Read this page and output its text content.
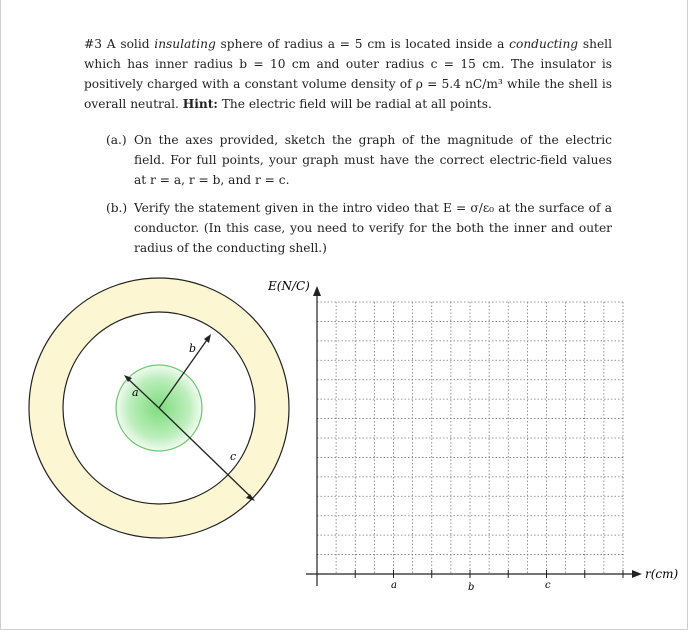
#3 A solid insulating sphere of radius a = 5 cm is located inside a conducting shell which has inner radius b = 10 cm and outer radius c = 15 cm. The insulator is positively charged with a constant volume density of ρ = 5.4 nC/m³ while the shell is overall neutral. Hint: The electric field will be radial at all points.
(a.) On the axes provided, sketch the graph of the magnitude of the electric field. For full points, your graph must have the correct electric-field values at r = a, r = b, and r = c.
(b.) Verify the statement given in the intro video that E = σ/ε₀ at the surface of a conductor. (In this case, you need to verify for the both the inner and outer radius of the conducting shell.)
a
b
c
E(N/C)
r(cm)
a	b	c
